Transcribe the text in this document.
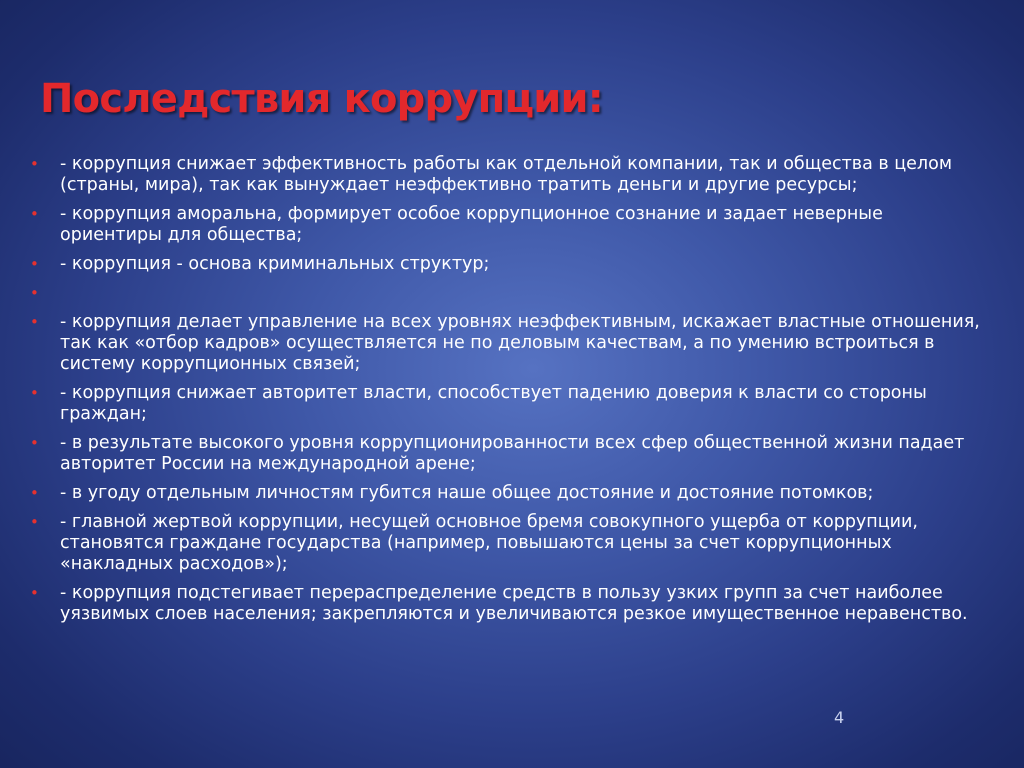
Последствия коррупции:
• - коррупция снижает эффективность работы как отдельной компании, так и общества в целом (страны, мира), так как вынуждает неэффективно тратить деньги и другие ресурсы;
• - коррупция аморальна, формирует особое коррупционное сознание и задает неверные ориентиры для общества;
• - коррупция - основа криминальных структур;
•
• - коррупция делает управление на всех уровнях неэффективным, искажает властные отношения, так как «отбор кадров» осуществляется не по деловым качествам, а по умению встроиться в систему коррупционных связей;
• - коррупция снижает авторитет власти, способствует падению доверия к власти со стороны граждан;
• - в результате высокого уровня коррупционированности всех сфер общественной жизни падает авторитет России на международной арене;
• - в угоду отдельным личностям губится наше общее достояние и достояние потомков;
• - главной жертвой коррупции, несущей основное бремя совокупного ущерба от коррупции, становятся граждане государства (например, повышаются цены за счет коррупционных «накладных расходов»);
• - коррупция подстегивает перераспределение средств в пользу узких групп за счет наиболее уязвимых слоев населения; закрепляются и увеличиваются резкое имущественное неравенство.
4
